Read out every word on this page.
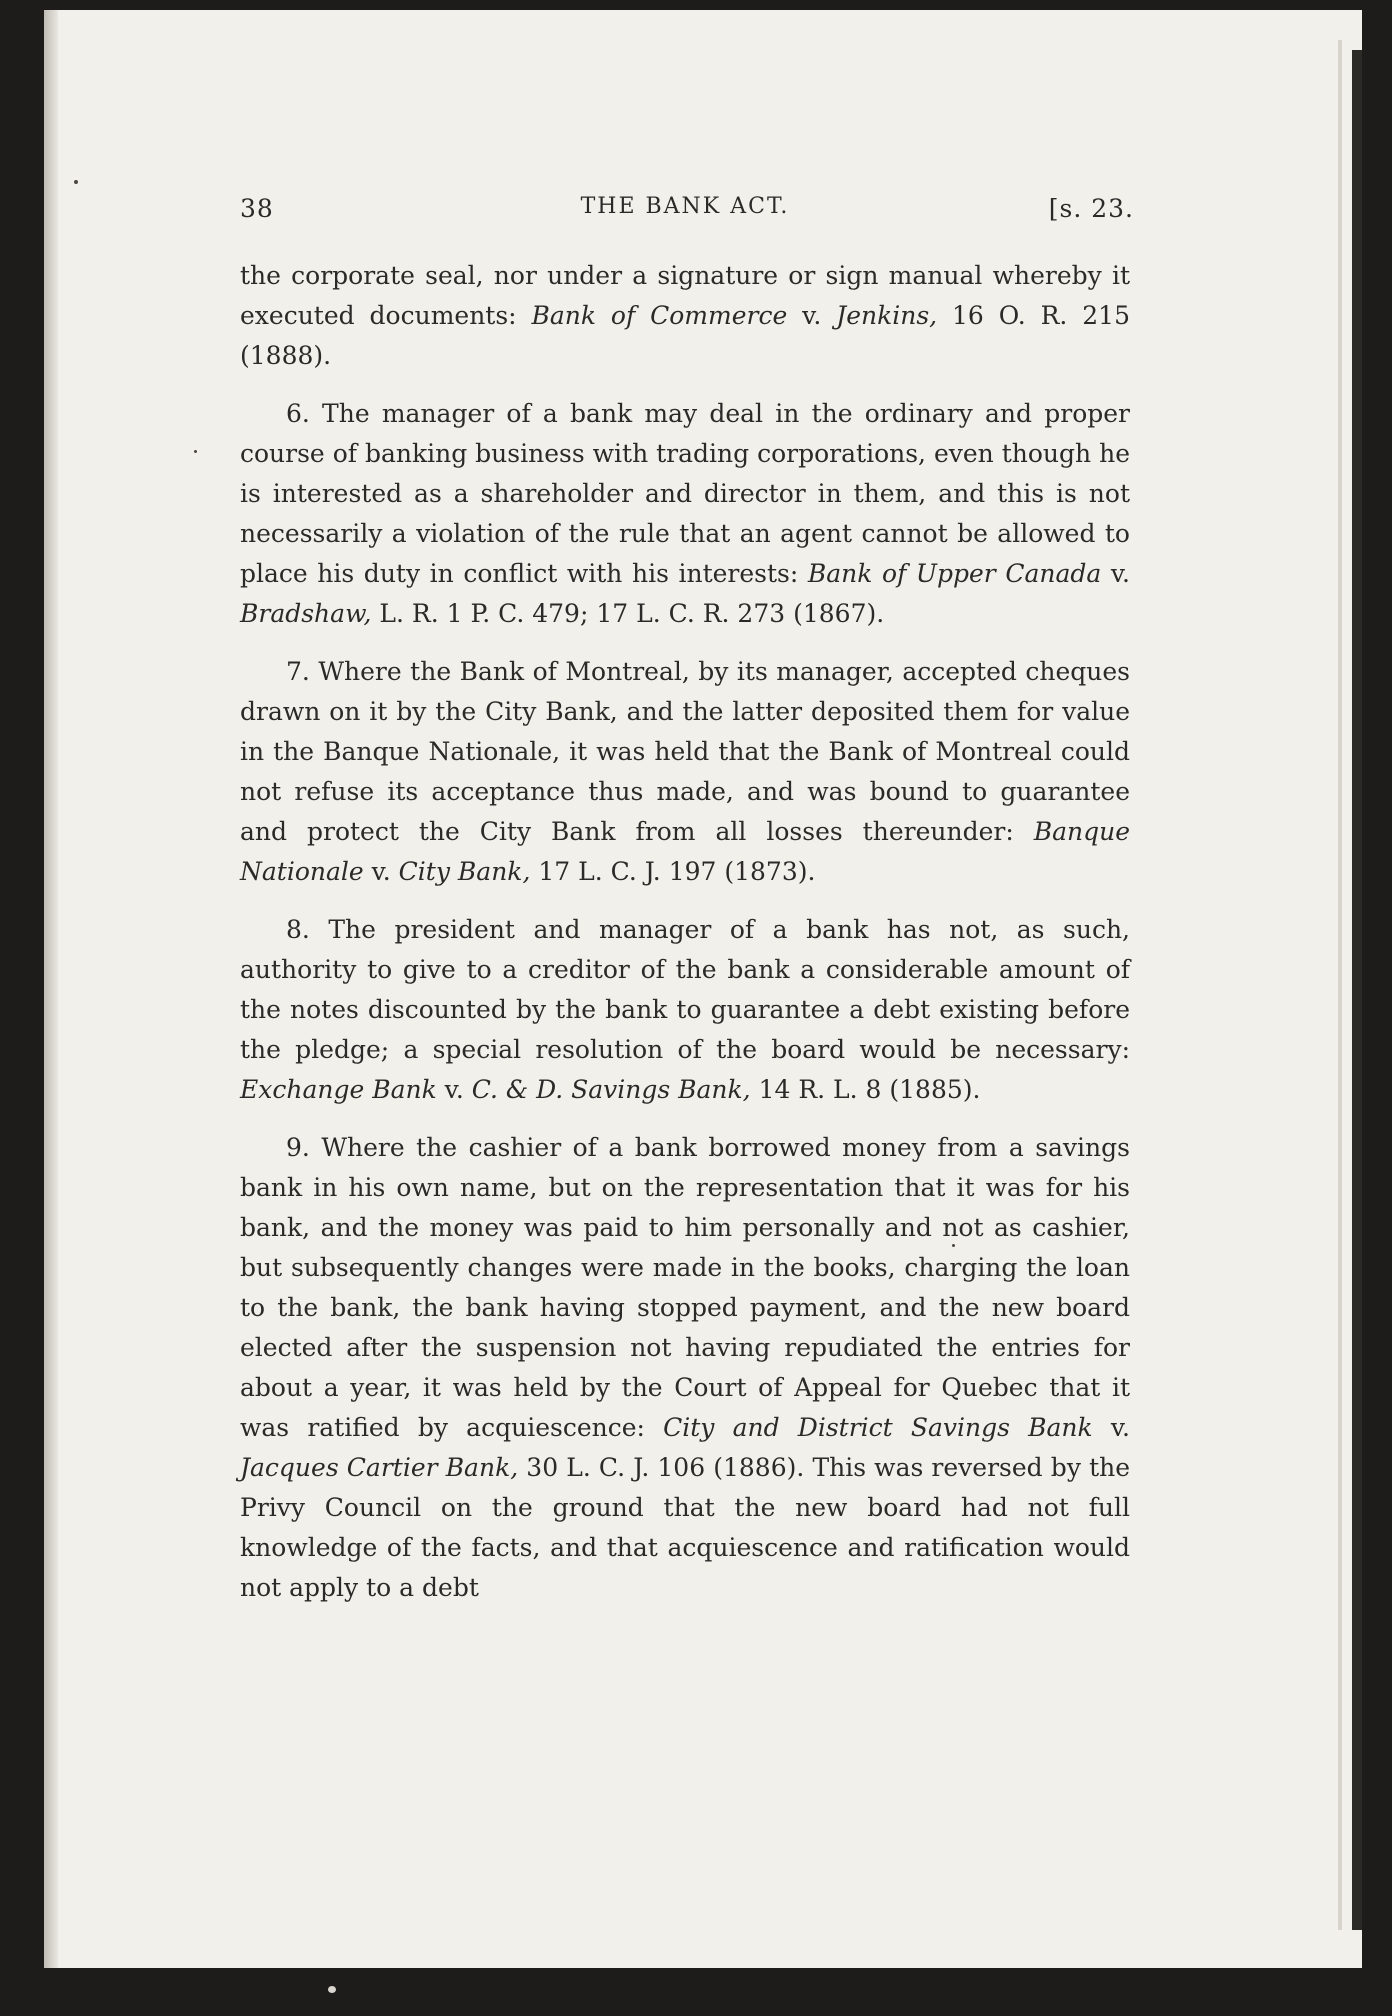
38	THE BANK ACT.	[s. 23.

the corporate seal, nor under a signature or sign manual whereby it executed documents: Bank of Commerce v. Jenkins, 16 O. R. 215 (1888).

6. The manager of a bank may deal in the ordinary and proper course of banking business with trading corporations, even though he is interested as a shareholder and director in them, and this is not necessarily a violation of the rule that an agent cannot be allowed to place his duty in conflict with his interests: Bank of Upper Canada v. Bradshaw, L. R. 1 P. C. 479; 17 L. C. R. 273 (1867).

7. Where the Bank of Montreal, by its manager, accepted cheques drawn on it by the City Bank, and the latter deposited them for value in the Banque Nationale, it was held that the Bank of Montreal could not refuse its acceptance thus made, and was bound to guarantee and protect the City Bank from all losses thereunder: Banque Nationale v. City Bank, 17 L. C. J. 197 (1873).

8. The president and manager of a bank has not, as such, authority to give to a creditor of the bank a considerable amount of the notes discounted by the bank to guarantee a debt existing before the pledge; a special resolution of the board would be necessary: Exchange Bank v. C. & D. Savings Bank, 14 R. L. 8 (1885).

9. Where the cashier of a bank borrowed money from a savings bank in his own name, but on the representation that it was for his bank, and the money was paid to him personally and not as cashier, but subsequently changes were made in the books, charging the loan to the bank, the bank having stopped payment, and the new board elected after the suspension not having repudiated the entries for about a year, it was held by the Court of Appeal for Quebec that it was ratified by acquiescence: City and District Savings Bank v. Jacques Cartier Bank, 30 L. C. J. 106 (1886). This was reversed by the Privy Council on the ground that the new board had not full knowledge of the facts, and that acquiescence and ratification would not apply to a debt
